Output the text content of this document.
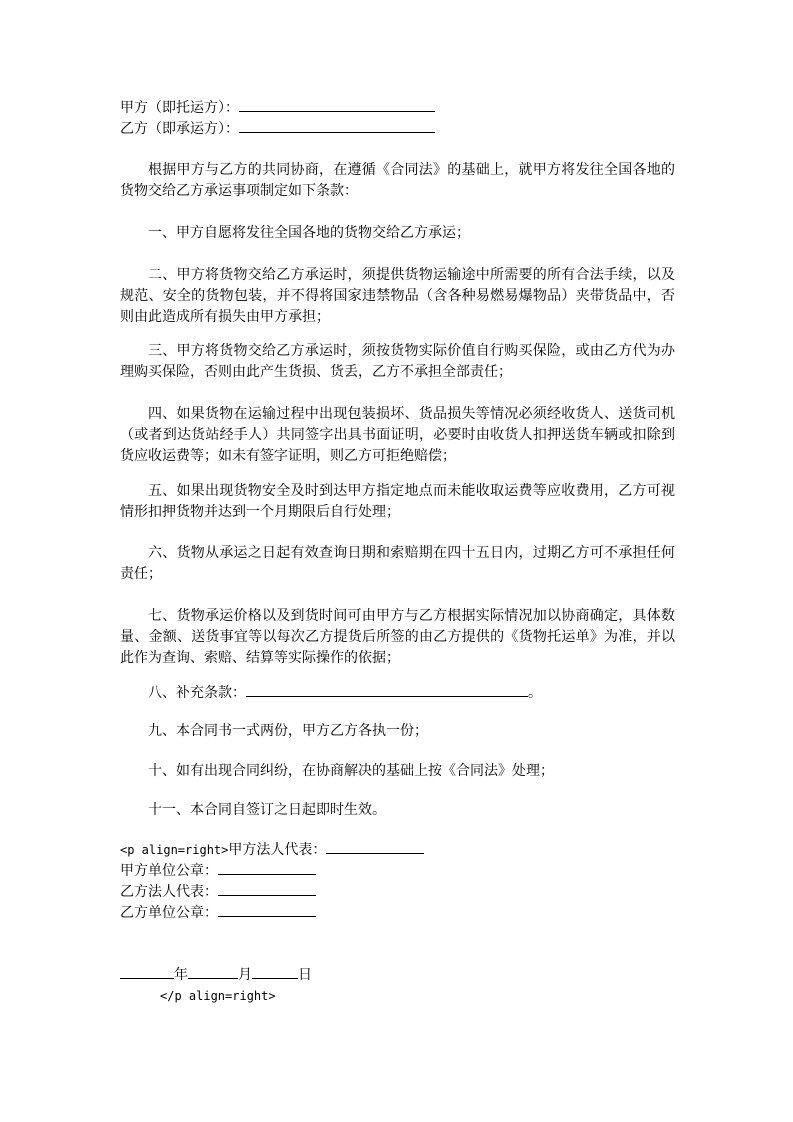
甲方（即托运方）：
乙方（即承运方）：
根据甲方与乙方的共同协商，在遵循《合同法》的基础上，就甲方将发往全国各地的货物交给乙方承运事项制定如下条款：
一、甲方自愿将发往全国各地的货物交给乙方承运；
二、甲方将货物交给乙方承运时，须提供货物运输途中所需要的所有合法手续，以及规范、安全的货物包装，并不得将国家违禁物品（含各种易燃易爆物品）夹带货品中，否则由此造成所有损失由甲方承担；
三、甲方将货物交给乙方承运时，须按货物实际价值自行购买保险，或由乙方代为办理购买保险，否则由此产生货损、货丢，乙方不承担全部责任；
四、如果货物在运输过程中出现包装损坏、货品损失等情况必须经收货人、送货司机（或者到达货站经手人）共同签字出具书面证明，必要时由收货人扣押送货车辆或扣除到货应收运费等；如未有签字证明，则乙方可拒绝赔偿；
五、如果出现货物安全及时到达甲方指定地点而未能收取运费等应收费用，乙方可视情形扣押货物并达到一个月期限后自行处理；
六、货物从承运之日起有效查询日期和索赔期在四十五日内，过期乙方可不承担任何责任；
七、货物承运价格以及到货时间可由甲方与乙方根据实际情况加以协商确定，具体数量、金额、送货事宜等以每次乙方提货后所签的由乙方提供的《货物托运单》为准，并以此作为查询、索赔、结算等实际操作的依据；
八、补充条款：	。
九、本合同书一式两份，甲方乙方各执一份；
十、如有出现合同纠纷，在协商解决的基础上按《合同法》处理；
十一、本合同自签订之日起即时生效。
<p align=right>甲方法人代表：
甲方单位公章：
乙方法人代表：
乙方单位公章：
年	月	日
</p align=right>
